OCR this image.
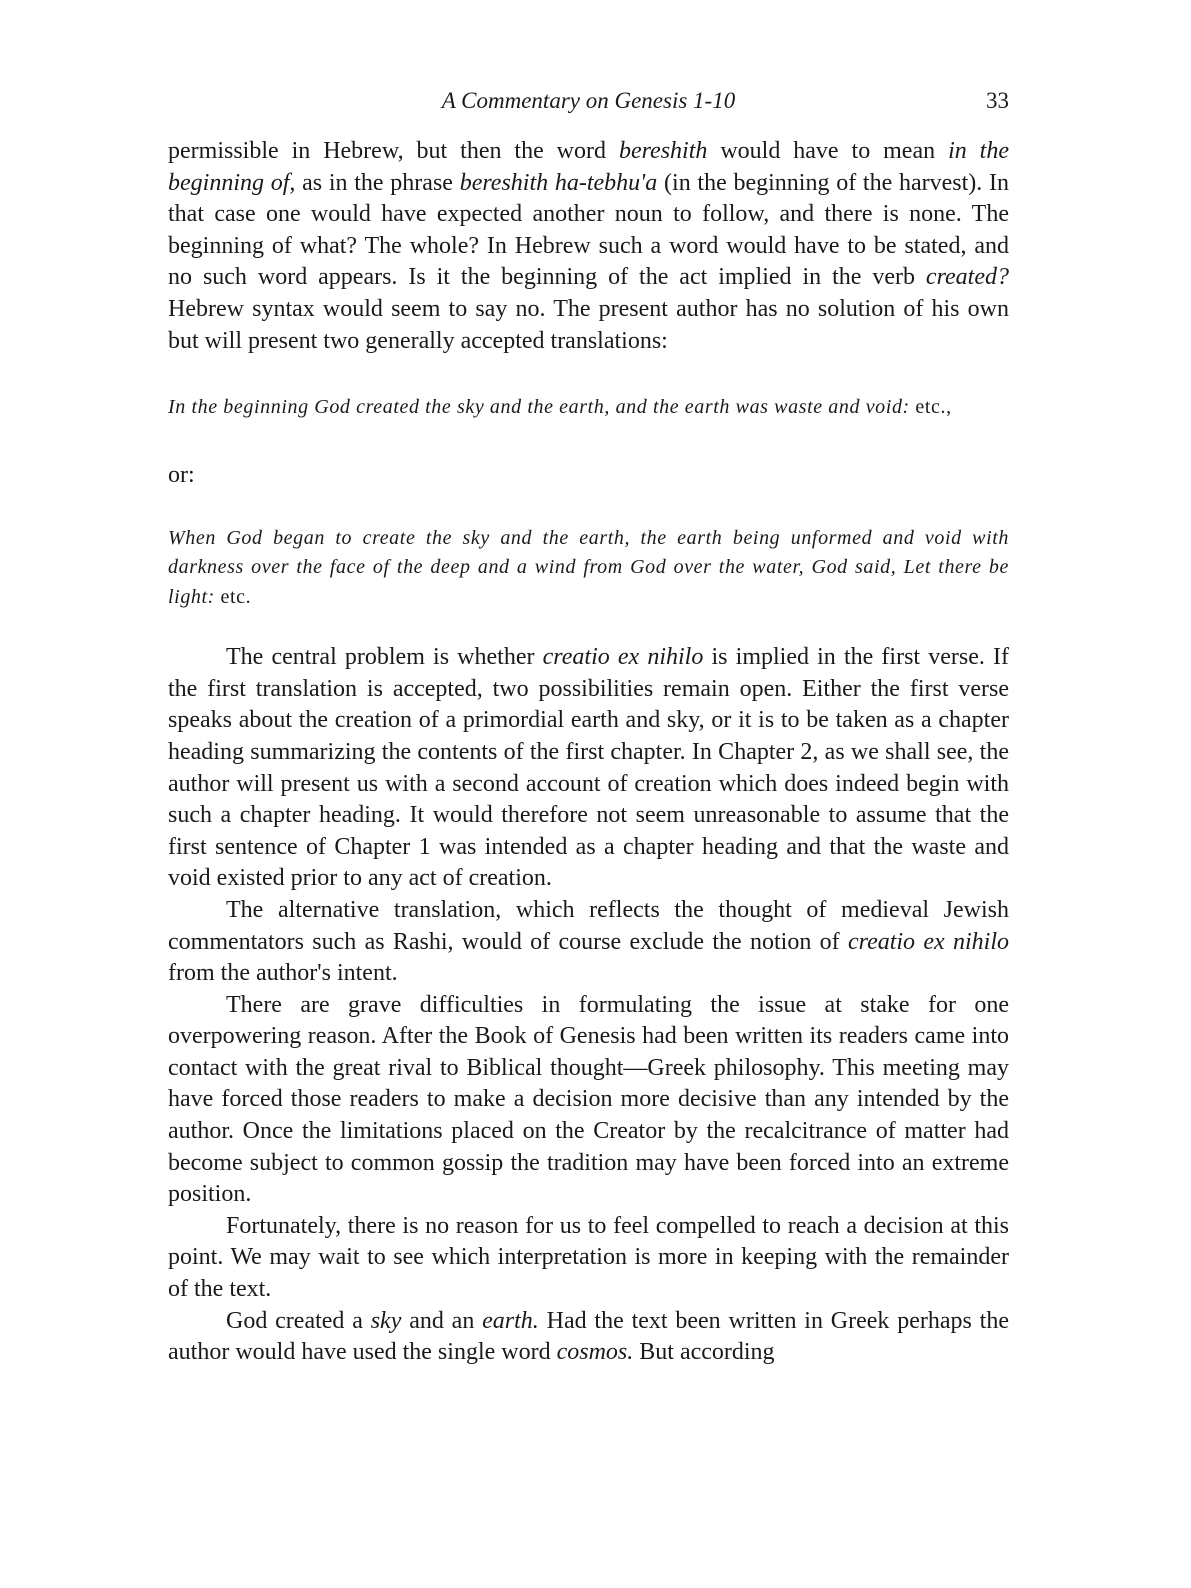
A Commentary on Genesis 1-10	33

permissible in Hebrew, but then the word bereshith would have to mean in the beginning of, as in the phrase bereshith ha-tebhu'a (in the beginning of the harvest). In that case one would have expected another noun to follow, and there is none. The beginning of what? The whole? In Hebrew such a word would have to be stated, and no such word appears. Is it the beginning of the act implied in the verb created? Hebrew syntax would seem to say no. The present author has no solution of his own but will present two generally accepted translations:

In the beginning God created the sky and the earth, and the earth was waste and void: etc.,

or:

When God began to create the sky and the earth, the earth being unformed and void with darkness over the face of the deep and a wind from God over the water, God said, Let there be light: etc.

The central problem is whether creatio ex nihilo is implied in the first verse. If the first translation is accepted, two possibilities remain open. Either the first verse speaks about the creation of a primordial earth and sky, or it is to be taken as a chapter heading summarizing the contents of the first chapter. In Chapter 2, as we shall see, the author will present us with a second account of creation which does indeed begin with such a chapter heading. It would therefore not seem unreasonable to assume that the first sentence of Chapter 1 was intended as a chapter heading and that the waste and void existed prior to any act of creation.

The alternative translation, which reflects the thought of medieval Jewish commentators such as Rashi, would of course exclude the notion of creatio ex nihilo from the author's intent.

There are grave difficulties in formulating the issue at stake for one overpowering reason. After the Book of Genesis had been written its readers came into contact with the great rival to Biblical thought—Greek philosophy. This meeting may have forced those readers to make a decision more decisive than any intended by the author. Once the limitations placed on the Creator by the recalcitrance of matter had become subject to common gossip the tradition may have been forced into an extreme position.

Fortunately, there is no reason for us to feel compelled to reach a decision at this point. We may wait to see which interpretation is more in keeping with the remainder of the text.

God created a sky and an earth. Had the text been written in Greek perhaps the author would have used the single word cosmos. But according
